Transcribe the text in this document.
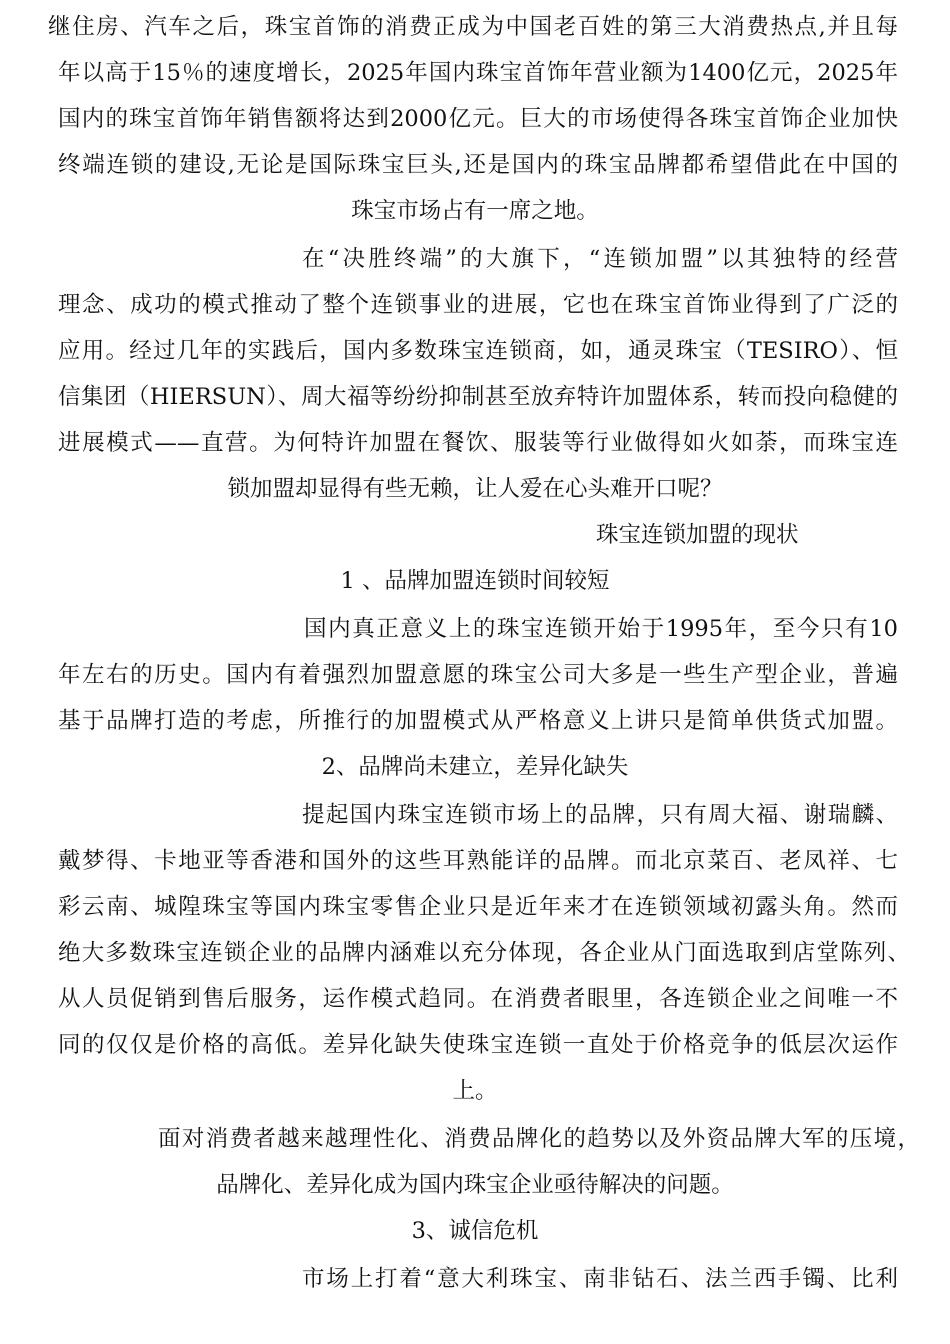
继住房、汽车之后，珠宝首饰的消费正成为中国老百姓的第三大消费热点,并且每

年以高于15％的速度增长，2025年国内珠宝首饰年营业额为1400亿元，2025年

国内的珠宝首饰年销售额将达到2000亿元。巨大的市场使得各珠宝首饰企业加快

终端连锁的建设,无论是国际珠宝巨头,还是国内的珠宝品牌都希望借此在中国的

珠宝市场占有一席之地。

在“决胜终端”的大旗下，“连锁加盟”以其独特的经营

理念、成功的模式推动了整个连锁事业的进展，它也在珠宝首饰业得到了广泛的

应用。经过几年的实践后，国内多数珠宝连锁商，如，通灵珠宝（TESIRO）、恒

信集团（HIERSUN）、周大福等纷纷抑制甚至放弃特许加盟体系，转而投向稳健的

进展模式——直营。为何特许加盟在餐饮、服装等行业做得如火如荼，而珠宝连

锁加盟却显得有些无赖，让人爱在心头难开口呢？

珠宝连锁加盟的现状

1 、品牌加盟连锁时间较短

国内真正意义上的珠宝连锁开始于1995年，至今只有10

年左右的历史。国内有着强烈加盟意愿的珠宝公司大多是一些生产型企业，普遍

基于品牌打造的考虑，所推行的加盟模式从严格意义上讲只是简单供货式加盟。

2、品牌尚未建立，差异化缺失

提起国内珠宝连锁市场上的品牌，只有周大福、谢瑞麟、

戴梦得、卡地亚等香港和国外的这些耳熟能详的品牌。而北京菜百、老凤祥、七

彩云南、城隍珠宝等国内珠宝零售企业只是近年来才在连锁领域初露头角。然而

绝大多数珠宝连锁企业的品牌内涵难以充分体现，各企业从门面选取到店堂陈列、

从人员促销到售后服务，运作模式趋同。在消费者眼里，各连锁企业之间唯一不

同的仅仅是价格的高低。差异化缺失使珠宝连锁一直处于价格竞争的低层次运作

上。

面对消费者越来越理性化、消费品牌化的趋势以及外资品牌大军的压境，

品牌化、差异化成为国内珠宝企业亟待解决的问题。

3、诚信危机

市场上打着“意大利珠宝、南非钻石、法兰西手镯、比利
